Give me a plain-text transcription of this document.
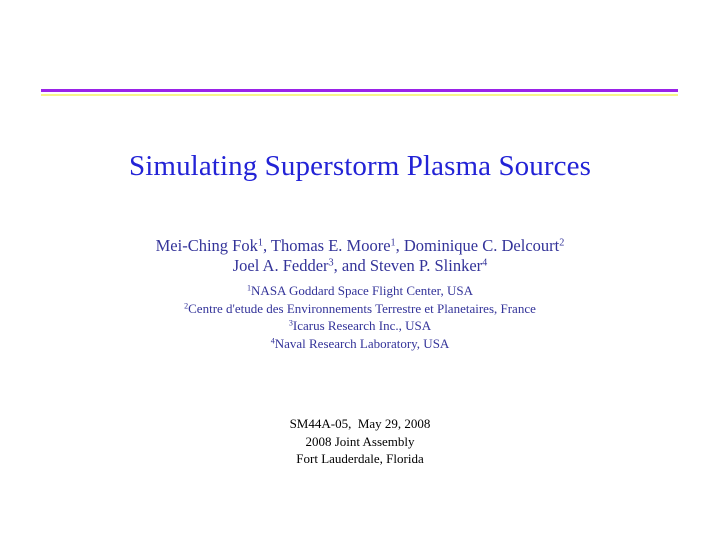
Simulating Superstorm Plasma Sources
Mei-Ching Fok$^1$, Thomas E. Moore$^1$, Dominique C. Delcourt$^2$
Joel A. Fedder$^3$, and Steven P. Slinker$^4$
$^1$NASA Goddard Space Flight Center, USA
$^2$Centre d'etude des Environnements Terrestre et Planetaires, France
$^3$Icarus Research Inc., USA
$^4$Naval Research Laboratory, USA
SM44A-05,  May 29, 2008
2008 Joint Assembly
Fort Lauderdale, Florida
